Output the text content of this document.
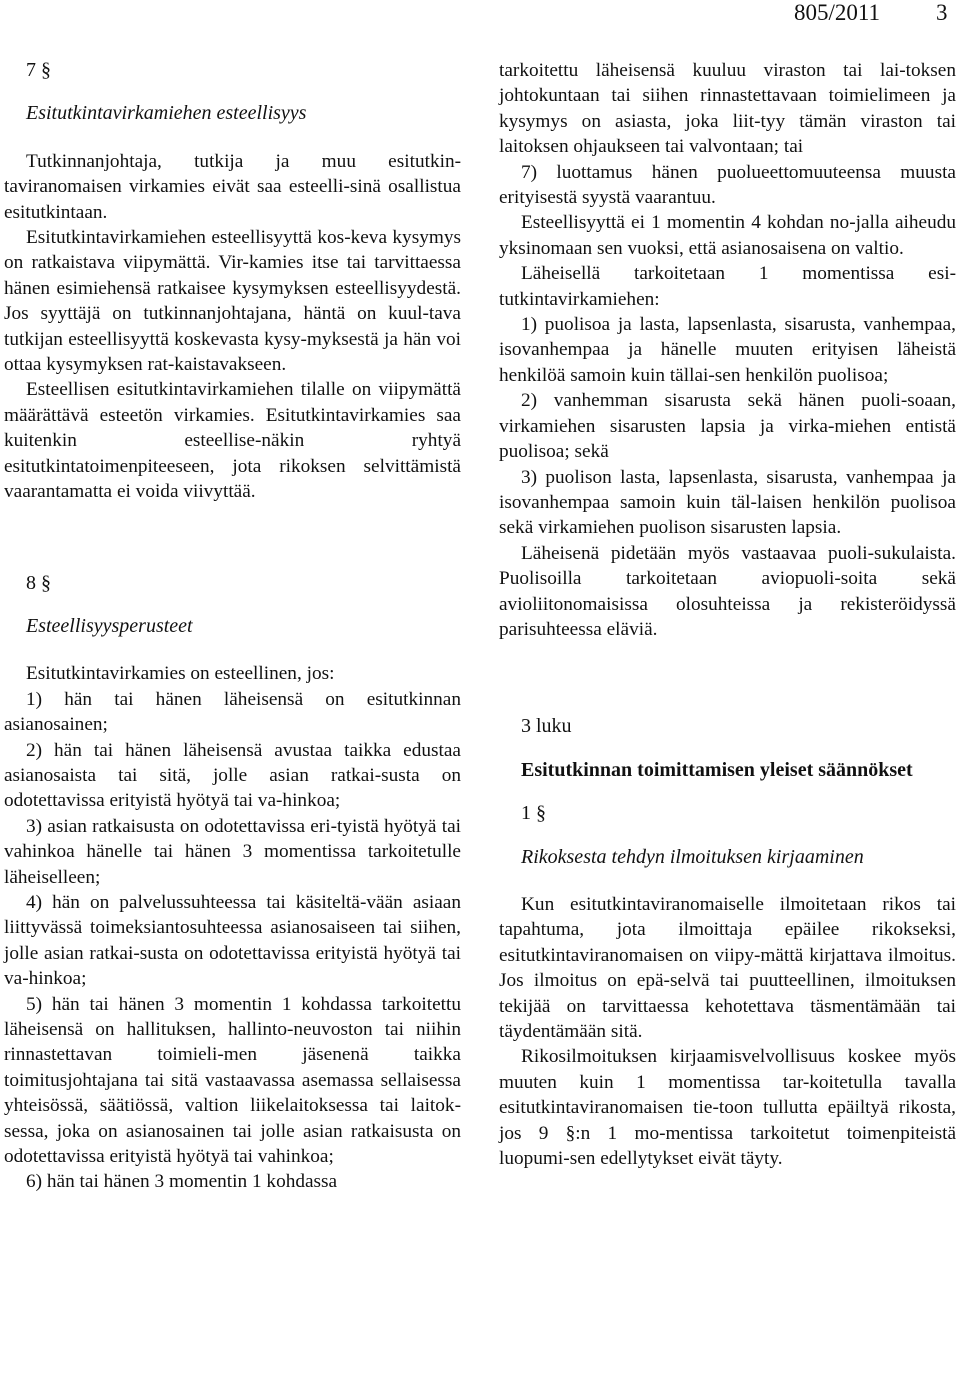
805/2011 3

7 §

Esitutkintavirkamiehen esteellisyys

Tutkinnanjohtaja, tutkija ja muu esitutkin-taviranomaisen virkamies eivät saa esteelli-sinä osallistua esitutkintaan.

Esitutkintavirkamiehen esteellisyyttä kos-keva kysymys on ratkaistava viipymättä. Vir-kamies itse tai tarvittaessa hänen esimiehensä ratkaisee kysymyksen esteellisyydestä. Jos syyttäjä on tutkinnanjohtajana, häntä on kuul-tava tutkijan esteellisyyttä koskevasta kysy-myksestä ja hän voi ottaa kysymyksen rat-kaistavakseen.

Esteellisen esitutkintavirkamiehen tilalle on viipymättä määrättävä esteetön virkamies. Esitutkintavirkamies saa kuitenkin esteellise-näkin ryhtyä esitutkintatoimenpiteeseen, jota rikoksen selvittämistä vaarantamatta ei voida viivyttää.

8 §

Esteellisyysperusteet

Esitutkintavirkamies on esteellinen, jos:

1) hän tai hänen läheisensä on esitutkinnan asianosainen;

2) hän tai hänen läheisensä avustaa taikka edustaa asianosaista tai sitä, jolle asian ratkai-susta on odotettavissa erityistä hyötyä tai va-hinkoa;

3) asian ratkaisusta on odotettavissa eri-tyistä hyötyä tai vahinkoa hänelle tai hänen 3 momentissa tarkoitetulle läheiselleen;

4) hän on palvelussuhteessa tai käsiteltä-vään asiaan liittyvässä toimeksiantosuhteessa asianosaiseen tai siihen, jolle asian ratkai-susta on odotettavissa erityistä hyötyä tai va-hinkoa;

5) hän tai hänen 3 momentin 1 kohdassa tarkoitettu läheisensä on hallituksen, hallinto-neuvoston tai niihin rinnastettavan toimieli-men jäsenenä taikka toimitusjohtajana tai sitä vastaavassa asemassa sellaisessa yhteisössä, säätiössä, valtion liikelaitoksessa tai laitok-sessa, joka on asianosainen tai jolle asian ratkaisusta on odotettavissa erityistä hyötyä tai vahinkoa;

6) hän tai hänen 3 momentin 1 kohdassa

tarkoitettu läheisensä kuuluu viraston tai lai-toksen johtokuntaan tai siihen rinnastettavaan toimielimeen ja kysymys on asiasta, joka liit-tyy tämän viraston tai laitoksen ohjaukseen tai valvontaan; tai

7) luottamus hänen puolueettomuuteensa muusta erityisestä syystä vaarantuu.

Esteellisyyttä ei 1 momentin 4 kohdan no-jalla aiheudu yksinomaan sen vuoksi, että asianosaisena on valtio.

Läheisellä tarkoitetaan 1 momentissa esi-tutkintavirkamiehen:

1) puolisoa ja lasta, lapsenlasta, sisarusta, vanhempaa, isovanhempaa ja hänelle muuten erityisen läheistä henkilöä samoin kuin tällai-sen henkilön puolisoa;

2) vanhemman sisarusta sekä hänen puoli-soaan, virkamiehen sisarusten lapsia ja virka-miehen entistä puolisoa; sekä

3) puolison lasta, lapsenlasta, sisarusta, vanhempaa ja isovanhempaa samoin kuin täl-laisen henkilön puolisoa sekä virkamiehen puolison sisarusten lapsia.

Läheisenä pidetään myös vastaavaa puoli-sukulaista. Puolisoilla tarkoitetaan aviopuoli-soita sekä avioliitonomaisissa olosuhteissa ja rekisteröidyssä parisuhteessa eläviä.

3 luku

Esitutkinnan toimittamisen yleiset säännökset

1 §

Rikoksesta tehdyn ilmoituksen kirjaaminen

Kun esitutkintaviranomaiselle ilmoitetaan rikos tai tapahtuma, jota ilmoittaja epäilee rikokseksi, esitutkintaviranomaisen on viipy-mättä kirjattava ilmoitus. Jos ilmoitus on epä-selvä tai puutteellinen, ilmoituksen tekijää on tarvittaessa kehotettava täsmentämään tai täydentämään sitä.

Rikosilmoituksen kirjaamisvelvollisuus koskee myös muuten kuin 1 momentissa tar-koitetulla tavalla esitutkintaviranomaisen tie-toon tullutta epäiltyä rikosta, jos 9 §:n 1 mo-mentissa tarkoitetut toimenpiteistä luopumi-sen edellytykset eivät täyty.
